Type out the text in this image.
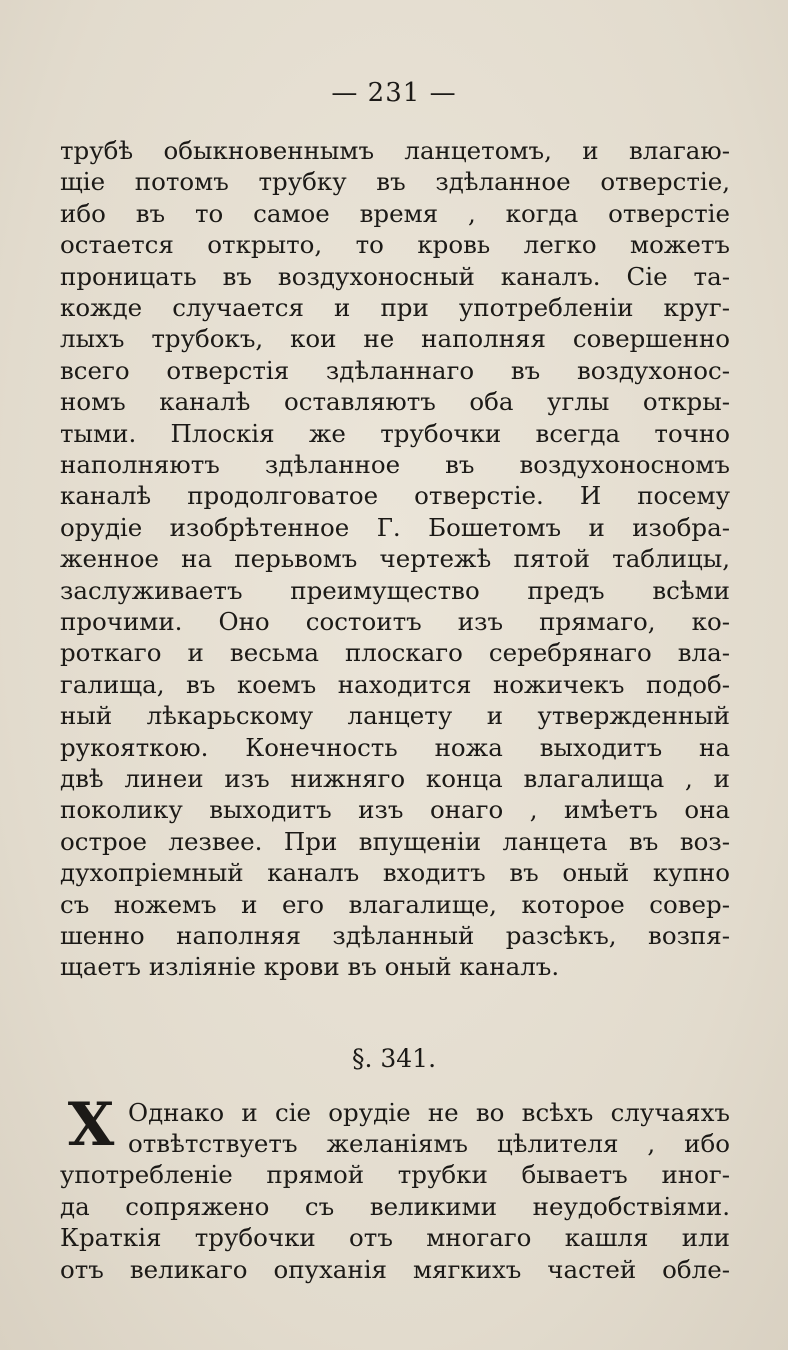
— 231 —
трубѣ обыкновеннымъ ланцетомъ, и влагаю-
щіе потомъ трубку въ здѣланное отверстіе,
ибо въ то самое время , когда отверстіе
остается открыто, то кровь легко можетъ
проницать въ воздухоносный каналъ. Сіе та-
кожде случается и при употребленіи круг-
лыхъ трубокъ, кои не наполняя совершенно
всего отверстія здѣланнаго въ воздухонос-
номъ каналѣ оставляютъ оба углы откры-
тыми. Плоскія же трубочки всегда точно
наполняютъ здѣланное въ воздухоносномъ
каналѣ продолговатое отверстіе. И посему
орудіе изобрѣтенное Г. Бошетомъ и изобра-
женное на перьвомъ чертежѣ пятой таблицы,
заслуживаетъ преимущество предъ всѣми
прочими. Оно состоитъ изъ прямаго, ко-
роткаго и весьма плоскаго серебрянаго вла-
галища, въ коемъ находится ножичекъ подоб-
ный лѣкарьскому ланцету и утвержденный
рукояткою. Конечность ножа выходитъ на
двѣ линеи изъ нижняго конца влагалища , и
поколику выходитъ изъ онаго , имѣетъ она
острое лезвее. При впущеніи ланцета въ воз-
духопріемный каналъ входитъ въ оный купно
съ ножемъ и его влагалище, которое совер-
шенно наполняя здѣланный разсѣкъ, возпя-
щаетъ изліяніе крови въ оный каналъ.
§. 341.
Х Однако и сіе орудіе не во всѣхъ случаяхъ
отвѣтствуетъ желаніямъ цѣлителя , ибо
употребленіе прямой трубки бываетъ иног-
да сопряжено съ великими неудобствіями.
Краткія трубочки отъ многаго кашля или
отъ великаго опуханія мягкихъ частей обле-
